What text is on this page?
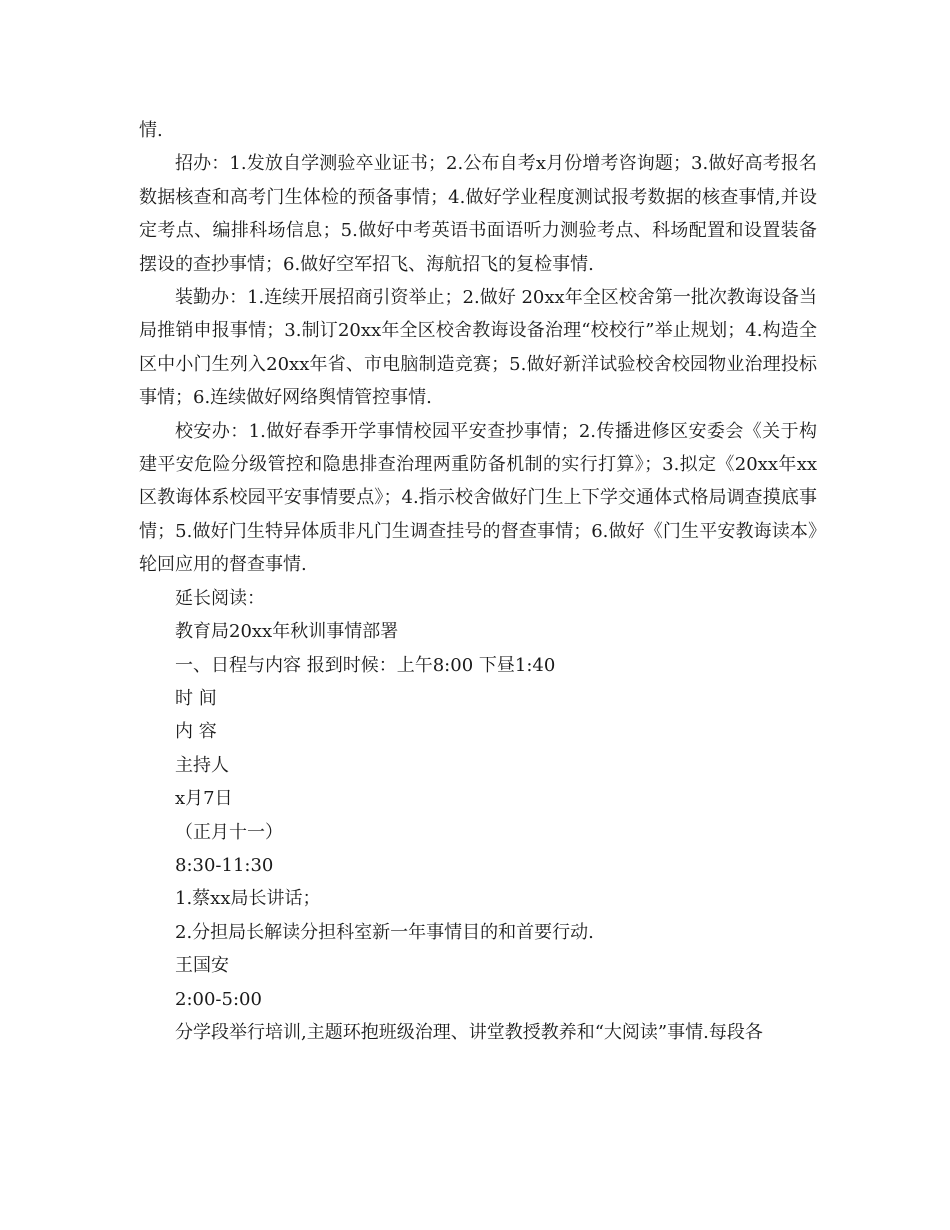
情.

招办：1.发放自学测验卒业证书；2.公布自考x月份增考咨询题；3.做好高考报名数据核查和高考门生体检的预备事情；4.做好学业程度测试报考数据的核查事情,并设定考点、编排科场信息；5.做好中考英语书面语听力测验考点、科场配置和设置装备摆设的查抄事情；6.做好空军招飞、海航招飞的复检事情.

装勤办：1.连续开展招商引资举止；2.做好 20xx年全区校舍第一批次教诲设备当局推销申报事情；3.制订20xx年全区校舍教诲设备治理“校校行”举止规划；4.构造全区中小门生列入20xx年省、市电脑制造竞赛；5.做好新洋试验校舍校园物业治理投标事情；6.连续做好网络舆情管控事情.

校安办：1.做好春季开学事情校园平安查抄事情；2.传播进修区安委会《关于构建平安危险分级管控和隐患排查治理两重防备机制的实行打算》；3.拟定《20xx年xx区教诲体系校园平安事情要点》；4.指示校舍做好门生上下学交通体式格局调查摸底事情；5.做好门生特异体质非凡门生调查挂号的督查事情；6.做好《门生平安教诲读本》轮回应用的督查事情.

延长阅读：

教育局20xx年秋训事情部署

一、日程与内容 报到时候：上午8:00 下昼1:40

时 间

内 容

主持人

x月7日

（正月十一）

8:30-11:30

1.蔡xx局长讲话；

2.分担局长解读分担科室新一年事情目的和首要行动.

王国安

2:00-5:00

分学段举行培训,主题环抱班级治理、讲堂教授教养和“大阅读”事情.每段各
